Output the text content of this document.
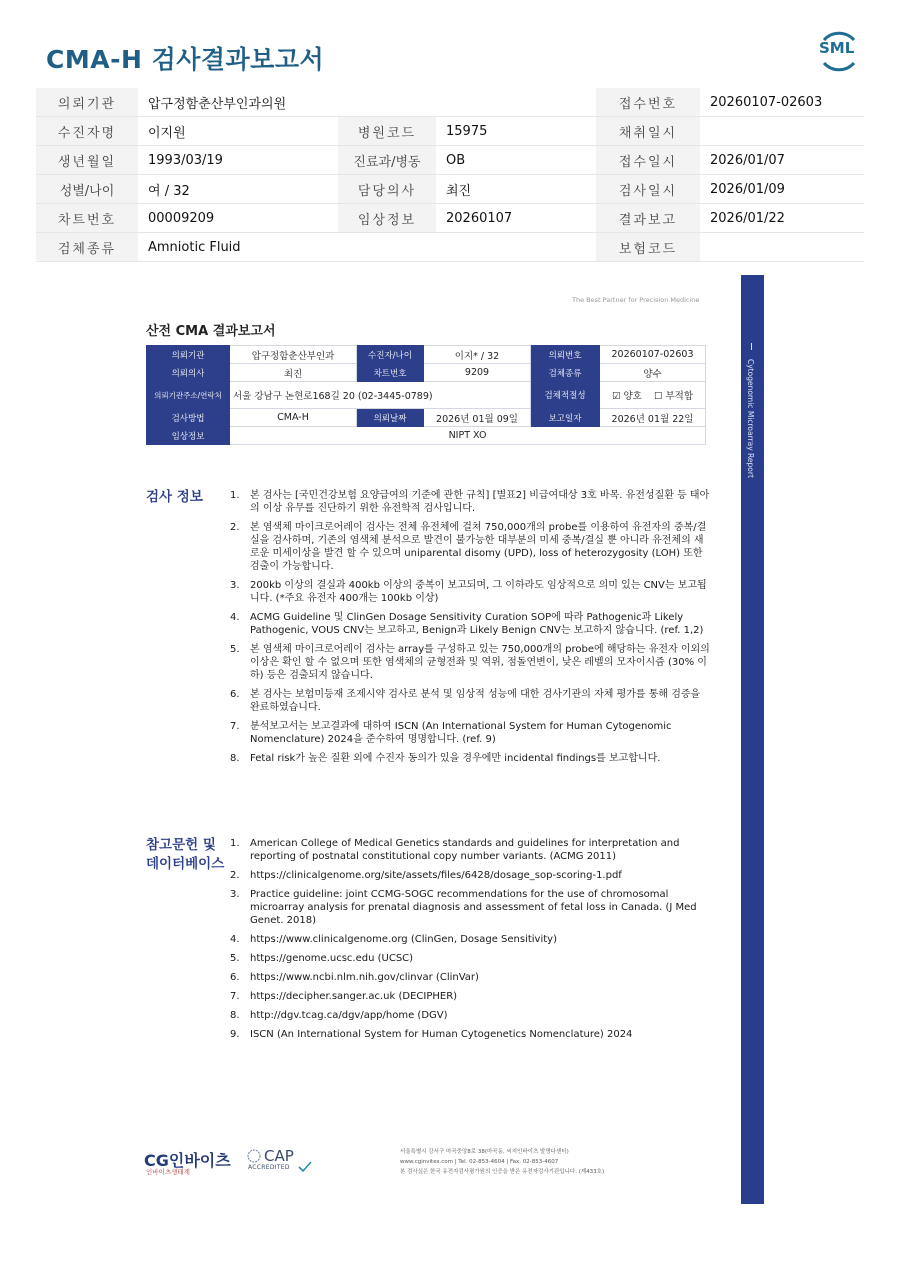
CMA-H 검사결과보고서	SML
의뢰기관	압구정함춘산부인과의원			접수번호	20260107-02603
수진자명	이지원	병원코드	15975	채취일시	
생년월일	1993/03/19	진료과/병동	OB	접수일시	2026/01/07
성별/나이	여 / 32	담당의사	최진	검사일시	2026/01/09
차트번호	00009209	임상정보	20260107	결과보고	2026/01/22
검체종류	Amniotic Fluid			보험코드	
The Best Partner for Precision Medicine
Cytogenomic Microarray Report
산전 CMA 결과보고서
의뢰기관	압구정함춘산부인과	수진자/나이	이지* / 32	의뢰번호	20260107-02603
의뢰의사	최진	차트번호	9209	검체종류	양수
의뢰기관주소/연락처	서울 강남구 논현로168길 20 (02-3445-0789)			검체적절성	☑ 양호 ☐ 부적합
검사방법	CMA-H	의뢰날짜	2026년 01월 09일	보고일자	2026년 01월 22일
임상정보	NIPT XO				
검사 정보	1. 본 검사는 [국민건강보험 요양급여의 기준에 관한 규칙] [별표2] 비급여대상 3호 바목. 유전성질환 등 태아의 이상 유무를 진단하기 위한 유전학적 검사입니다.
2. 본 염색체 마이크로어레이 검사는 전체 유전체에 걸쳐 750,000개의 probe를 이용하여 유전자의 중복/결실을 검사하며, 기존의 염색체 분석으로 발견이 불가능한 대부분의 미세 중복/결실 뿐 아니라 유전체의 새로운 미세이상을 발견 할 수 있으며 uniparental disomy (UPD), loss of heterozygosity (LOH) 또한 검출이 가능합니다.
3. 200kb 이상의 결실과 400kb 이상의 중복이 보고되며, 그 이하라도 임상적으로 의미 있는 CNV는 보고됩니다. (*주요 유전자 400개는 100kb 이상)
4. ACMG Guideline 및 ClinGen Dosage Sensitivity Curation SOP에 따라 Pathogenic과 Likely Pathogenic, VOUS CNV는 보고하고, Benign과 Likely Benign CNV는 보고하지 않습니다. (ref. 1,2)
5. 본 염색체 마이크로어레이 검사는 array를 구성하고 있는 750,000개의 probe에 해당하는 유전자 이외의 이상은 확인 할 수 없으며 또한 염색체의 균형전좌 및 역위, 점돌연변이, 낮은 레벨의 모자이시즘 (30% 이하) 등은 검출되지 않습니다.
6. 본 검사는 보험미등재 조제시약 검사로 분석 및 임상적 성능에 대한 검사기관의 자체 평가를 통해 검증을 완료하였습니다.
7. 분석보고서는 보고결과에 대하여 ISCN (An International System for Human Cytogenomic Nomenclature) 2024을 준수하여 명명합니다. (ref. 9)
8. Fetal risk가 높은 질환 외에 수진자 동의가 있을 경우에만 incidental findings를 보고합니다.
참고문헌 및
데이터베이스
1. American College of Medical Genetics standards and guidelines for interpretation and reporting of postnatal constitutional copy number variants. (ACMG 2011)
2. https://clinicalgenome.org/site/assets/files/6428/dosage_sop-scoring-1.pdf
3. Practice guideline: joint CCMG-SOGC recommendations for the use of chromosomal microarray analysis for prenatal diagnosis and assessment of fetal loss in Canada. (J Med Genet. 2018)
4. https://www.clinicalgenome.org (ClinGen, Dosage Sensitivity)
5. https://genome.ucsc.edu (UCSC)
6. https://www.ncbi.nlm.nih.gov/clinvar (ClinVar)
7. https://decipher.sanger.ac.uk (DECIPHER)
8. http://dgv.tcag.ca/dgv/app/home (DGV)
9. ISCN (An International System for Human Cytogenetics Nomenclature) 2024
CG인바이츠
인바이츠생태계
CAP
ACCREDITED
서울특별시 강서구 마곡중앙8로 38(마곡동, 씨지인바이츠 발명다센터)
www.cginvites.com | Tel. 02-853-4604 | Fax. 02-853-4607
본 검사실은 한국 유전자검사평가원의 인증을 받은 유전자검사기관입니다. (제433호)
